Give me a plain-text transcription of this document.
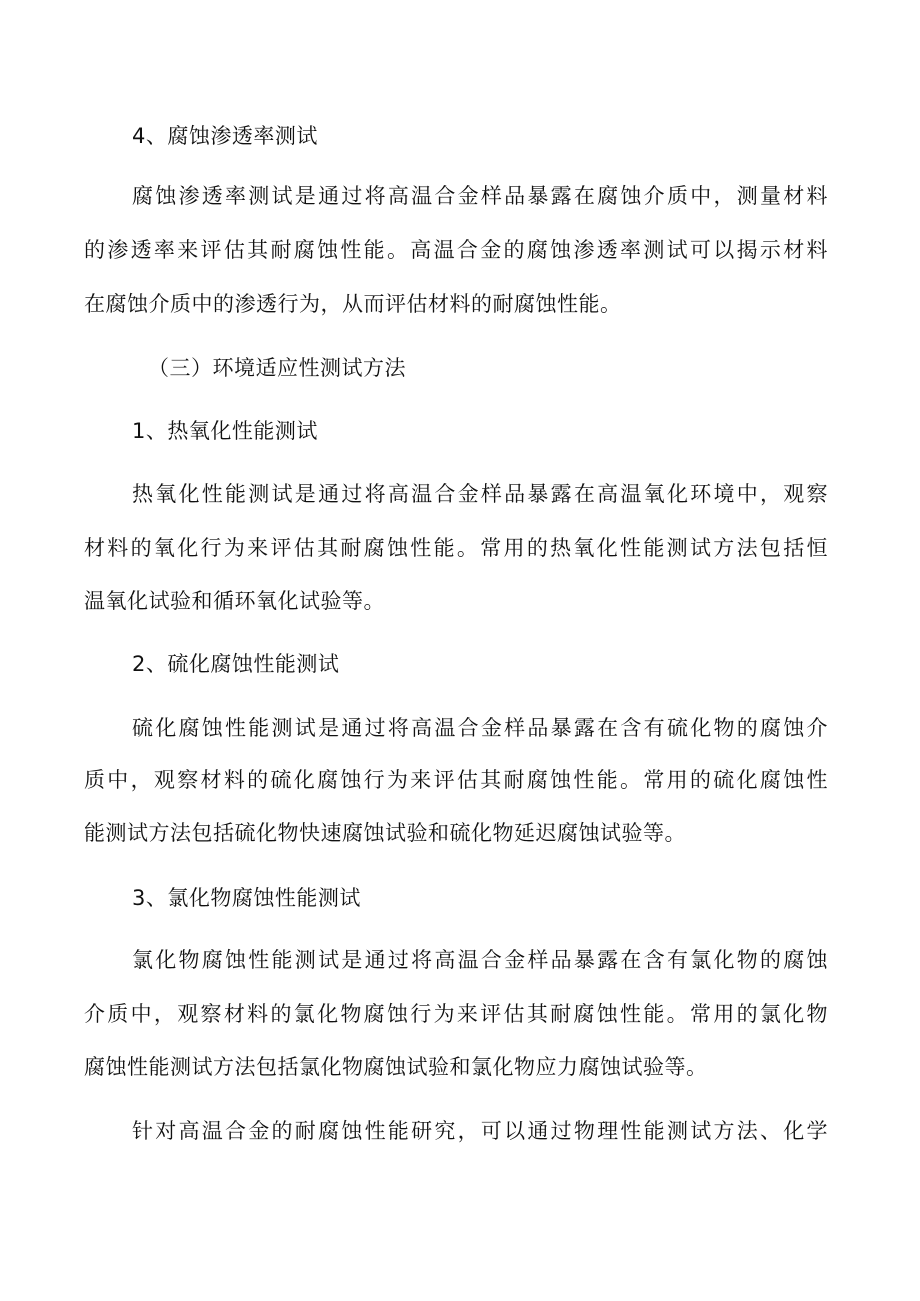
4、腐蚀渗透率测试
腐蚀渗透率测试是通过将高温合金样品暴露在腐蚀介质中，测量材料
的渗透率来评估其耐腐蚀性能。高温合金的腐蚀渗透率测试可以揭示材料
在腐蚀介质中的渗透行为，从而评估材料的耐腐蚀性能。
（三）环境适应性测试方法
1、热氧化性能测试
热氧化性能测试是通过将高温合金样品暴露在高温氧化环境中，观察
材料的氧化行为来评估其耐腐蚀性能。常用的热氧化性能测试方法包括恒
温氧化试验和循环氧化试验等。
2、硫化腐蚀性能测试
硫化腐蚀性能测试是通过将高温合金样品暴露在含有硫化物的腐蚀介
质中，观察材料的硫化腐蚀行为来评估其耐腐蚀性能。常用的硫化腐蚀性
能测试方法包括硫化物快速腐蚀试验和硫化物延迟腐蚀试验等。
3、氯化物腐蚀性能测试
氯化物腐蚀性能测试是通过将高温合金样品暴露在含有氯化物的腐蚀
介质中，观察材料的氯化物腐蚀行为来评估其耐腐蚀性能。常用的氯化物
腐蚀性能测试方法包括氯化物腐蚀试验和氯化物应力腐蚀试验等。
针对高温合金的耐腐蚀性能研究，可以通过物理性能测试方法、化学
